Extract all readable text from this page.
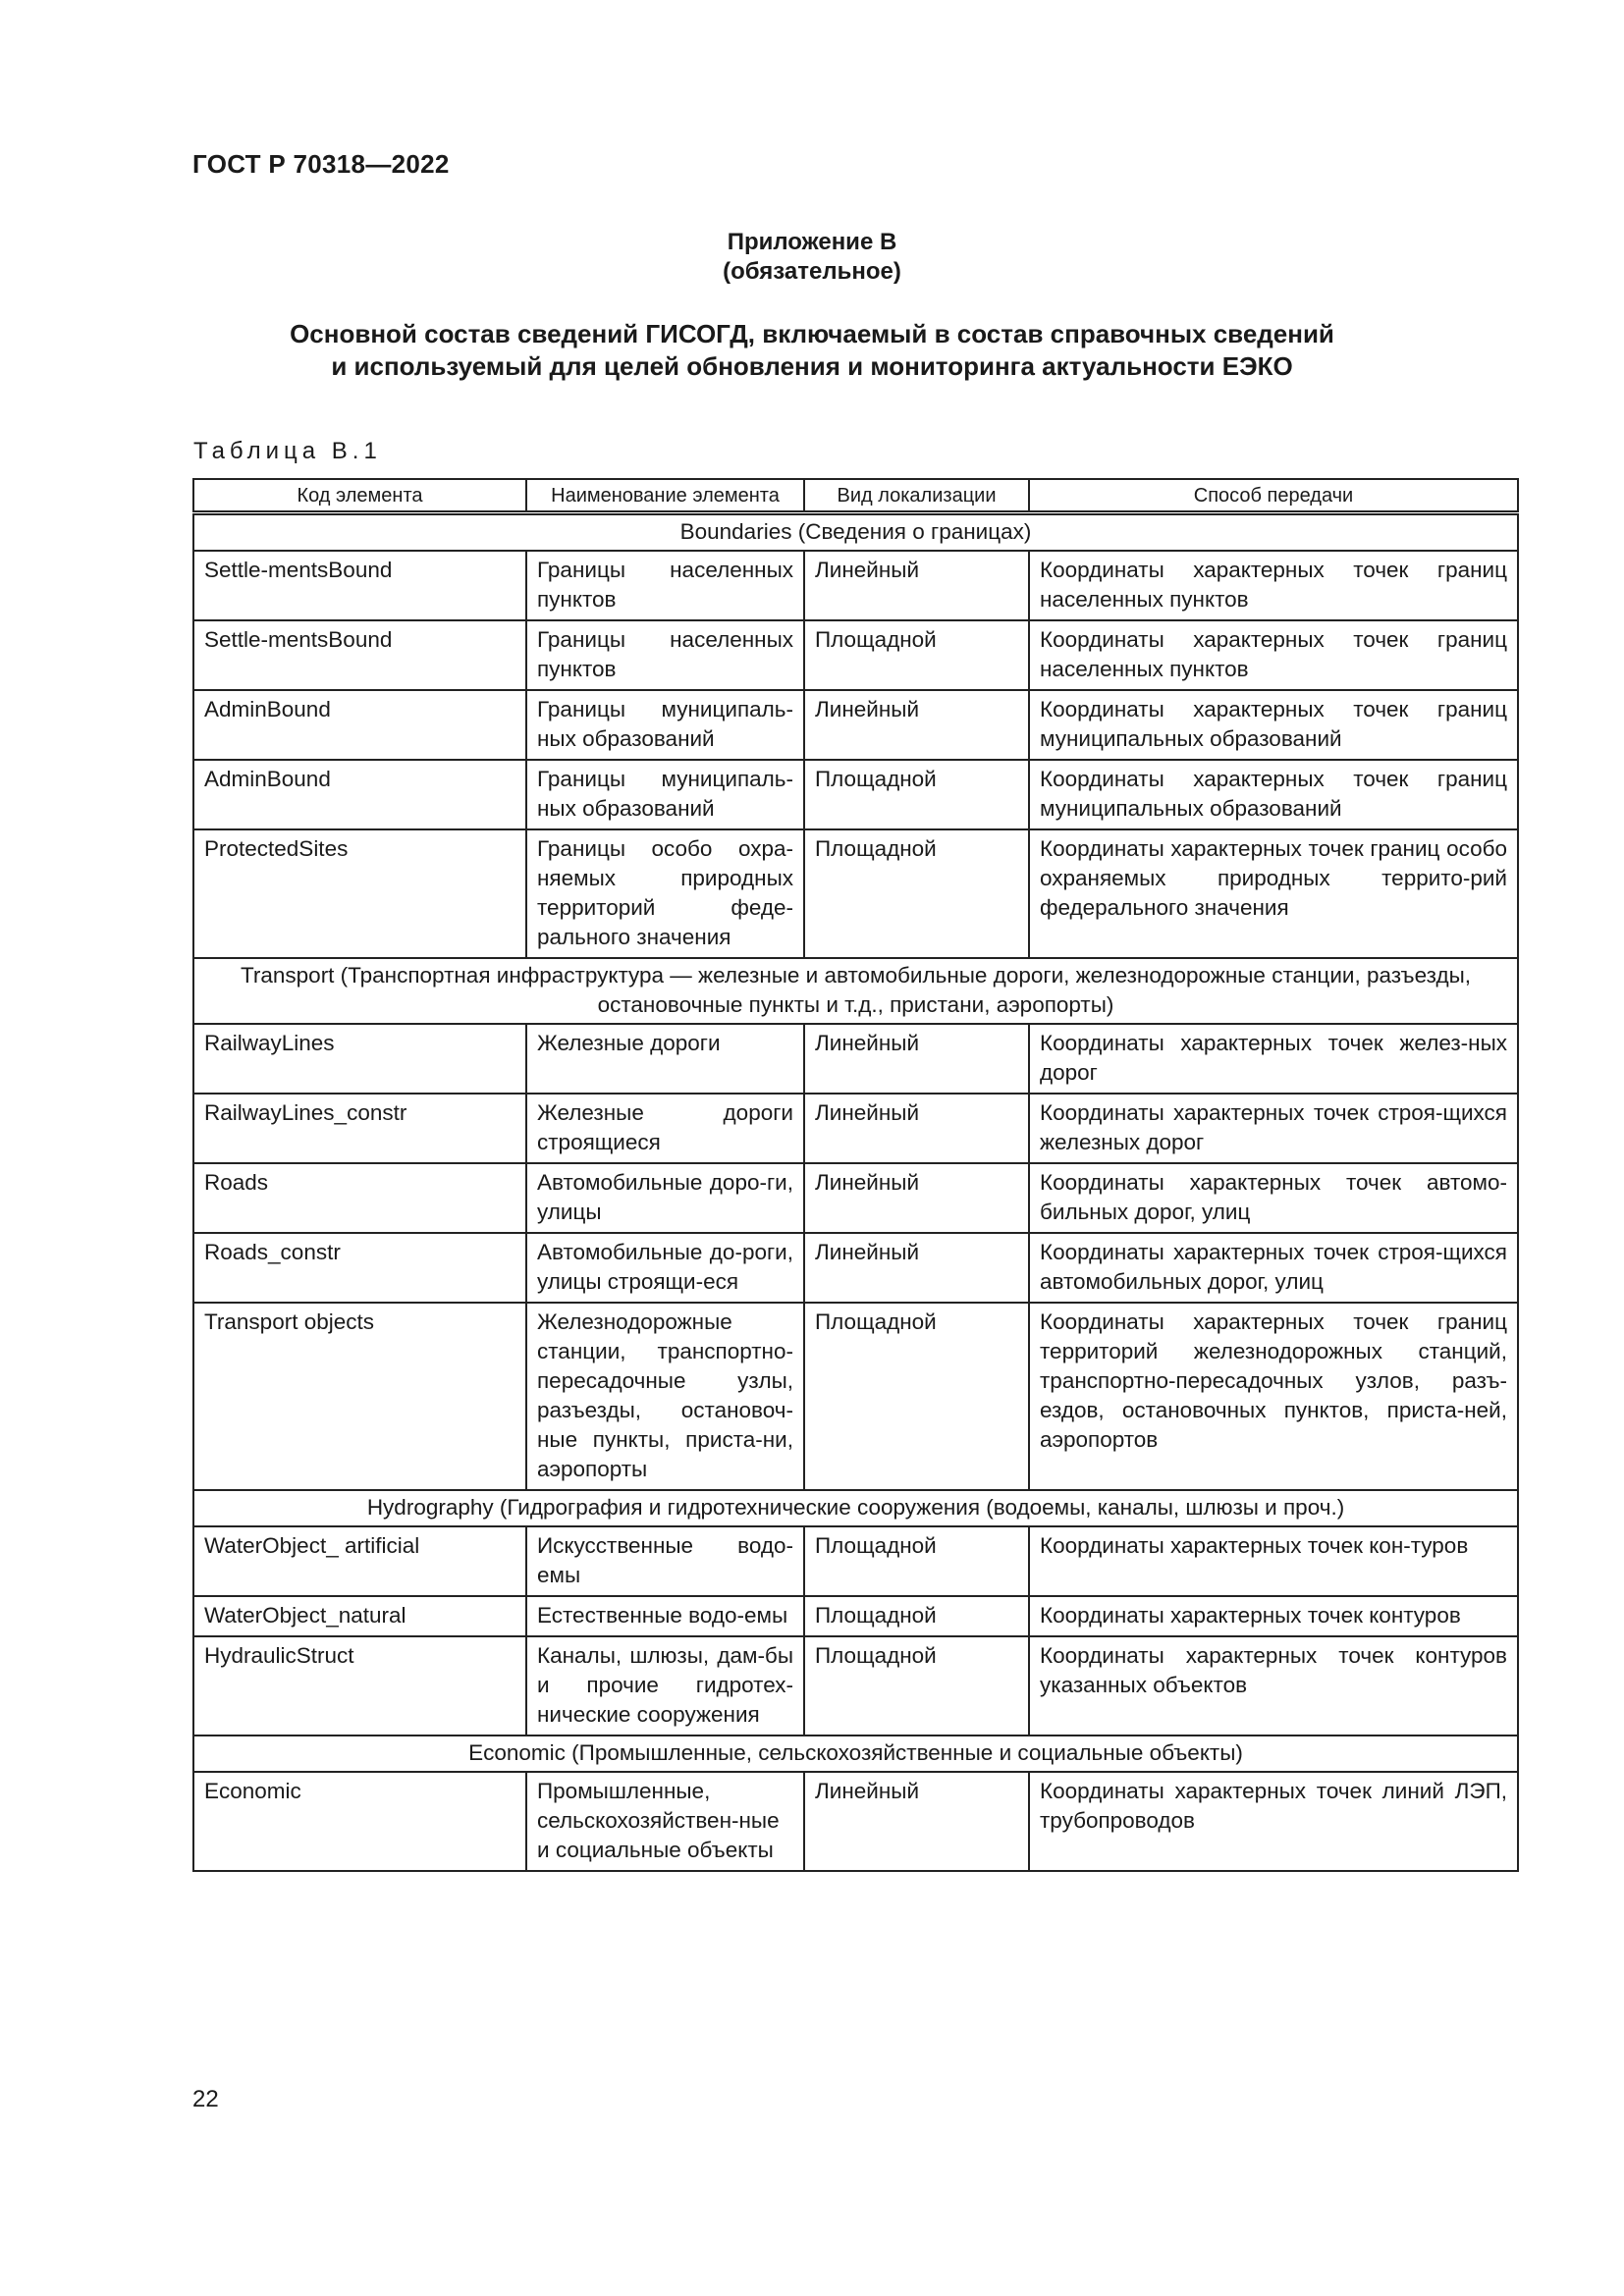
ГОСТ Р 70318—2022
Приложение В
(обязательное)
Основной состав сведений ГИСОГД, включаемый в состав справочных сведений
и используемый для целей обновления и мониторинга актуальности ЕЭКО
Таблица В.1
Код элемента	Наименование элемента	Вид локализации	Способ передачи
Boundaries (Сведения о границах)			
Settle-mentsBound	Границы населенных пунктов	Линейный	Координаты характерных точек границ населенных пунктов
Settle-mentsBound	Границы населенных пунктов	Площадной	Координаты характерных точек границ населенных пунктов
AdminBound	Границы муниципаль-ных образований	Линейный	Координаты характерных точек границ муниципальных образований
AdminBound	Границы муниципаль-ных образований	Площадной	Координаты характерных точек границ муниципальных образований
ProtectedSites	Границы особо охра-няемых природных территорий феде-рального значения	Площадной	Координаты характерных точек границ особо охраняемых природных террито-рий федерального значения
Transport (Транспортная инфраструктура — железные и автомобильные дороги, железнодорожные станции, разъезды, остановочные пункты и т.д., пристани, аэропорты)			
RailwayLines	Железные дороги	Линейный	Координаты характерных точек желез-ных дорог
RailwayLines_constr	Железные дороги строящиеся	Линейный	Координаты характерных точек строя-щихся железных дорог
Roads	Автомобильные доро-ги, улицы	Линейный	Координаты характерных точек автомо-бильных дорог, улиц
Roads_constr	Автомобильные до-роги, улицы строящи-еся	Линейный	Координаты характерных точек строя-щихся автомобильных дорог, улиц
Transport objects	Железнодорожные станции, транспортно-пересадочные узлы, разъезды, остановоч-ные пункты, приста-ни, аэропорты	Площадной	Координаты характерных точек границ территорий железнодорожных станций, транспортно-пересадочных узлов, разъ-ездов, остановочных пунктов, приста-ней, аэропортов
Hydrography (Гидрография и гидротехнические сооружения (водоемы, каналы, шлюзы и проч.)			
WaterObject_ artificial	Искусственные водо-емы	Площадной	Координаты характерных точек кон-туров
WaterObject_natural	Естественные водо-емы	Площадной	Координаты характерных точек контуров
HydraulicStruct	Каналы, шлюзы, дам-бы и прочие гидротех-нические сооружения	Площадной	Координаты характерных точек контуров указанных объектов
Economic (Промышленные, сельскохозяйственные и социальные объекты)			
Economic	Промышленные, сельскохозяйствен-ные и социальные объекты	Линейный	Координаты характерных точек линий ЛЭП, трубопроводов
22
